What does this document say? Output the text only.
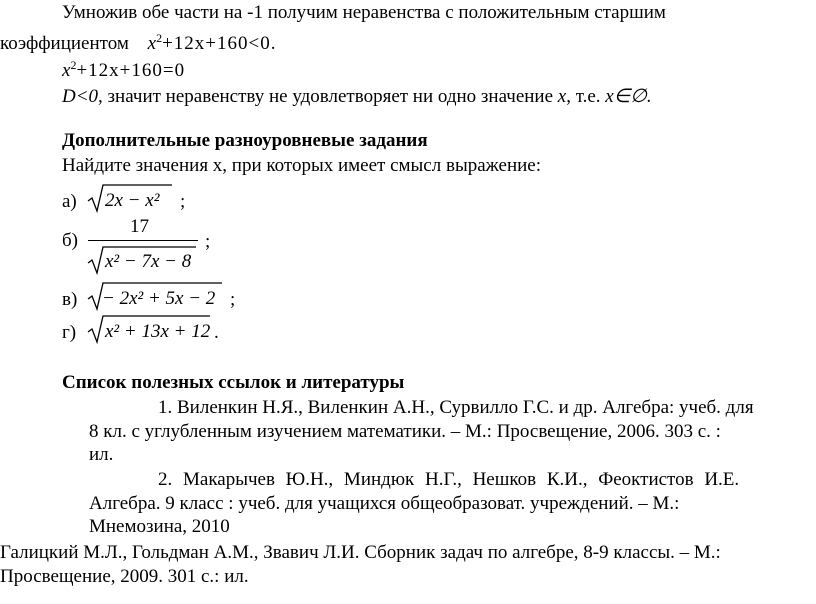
Умножив обе части на -1 получим неравенства с положительным старшим
коэффициентом $x^2+12x+160<0$.
$x^2+12x+160=0$
D<0, значит неравенству не удовлетворяет ни одно значение x, т.е. x∈∅.
Дополнительные разноуровневые задания
Найдите значения x, при которых имеет смысл выражение:
а) 2x − x² ;
б)
17
x² − 7x − 8
;
в) − 2x² + 5x − 2 ;
г) x² + 13x + 12 .
Список полезных ссылок и литературы
1. Виленкин Н.Я., Виленкин А.Н., Сурвилло Г.С. и др. Алгебра: учеб. для
8 кл. с углубленным изучением математики. – М.: Просвещение, 2006. 303 с. :
ил.
2. Макарычев Ю.Н., Миндюк Н.Г., Нешков К.И., Феоктистов И.Е.
Алгебра. 9 класс : учеб. для учащихся общеобразоват. учреждений. – М.:
Мнемозина, 2010
Галицкий М.Л., Гольдман А.М., Звавич Л.И. Сборник задач по алгебре, 8-9 классы. – М.:
Просвещение, 2009. 301 с.: ил.
